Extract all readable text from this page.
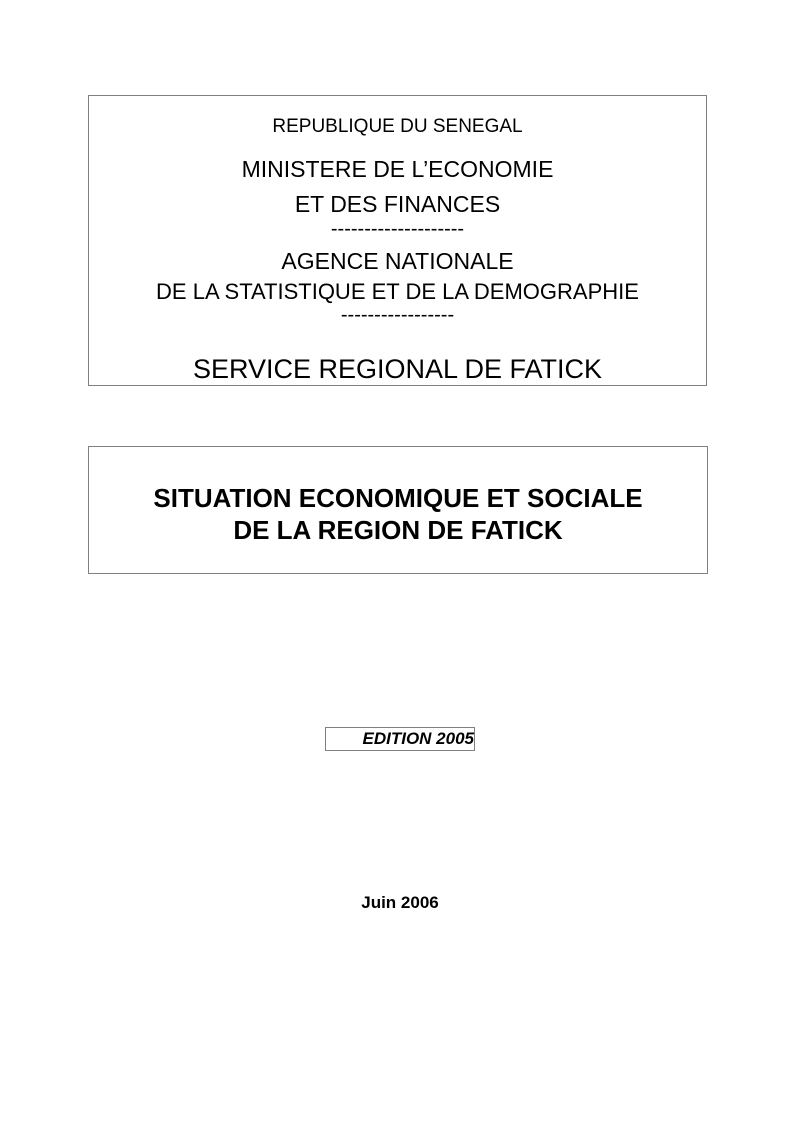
REPUBLIQUE DU SENEGAL
MINISTERE DE L’ECONOMIE
ET DES FINANCES
--------------------
AGENCE NATIONALE
DE LA STATISTIQUE ET DE LA DEMOGRAPHIE
-----------------
SERVICE REGIONAL DE FATICK
SITUATION ECONOMIQUE ET SOCIALE
DE LA REGION DE FATICK
EDITION 2005
Juin 2006
